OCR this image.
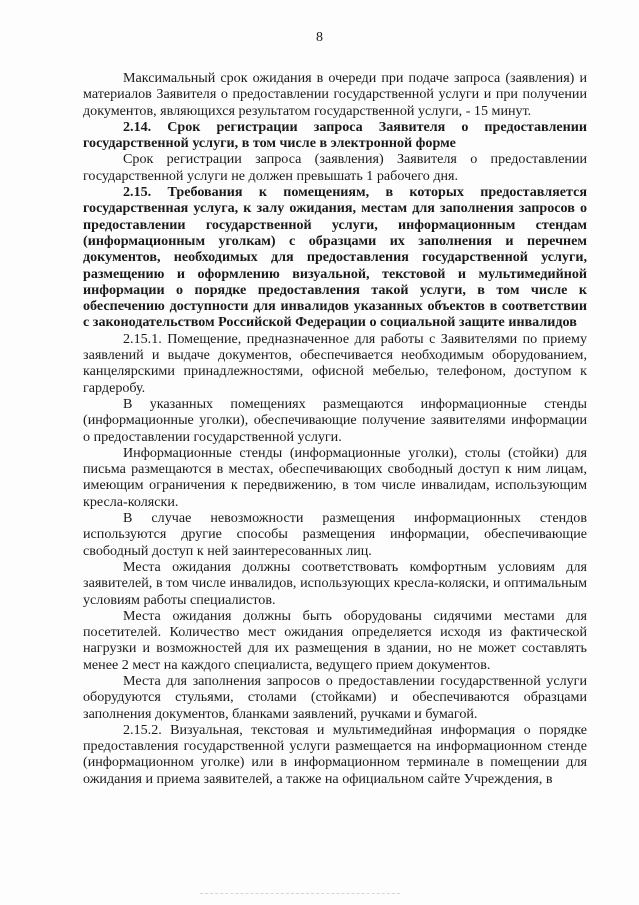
8

Максимальный срок ожидания в очереди при подаче запроса (заявления) и материалов Заявителя о предоставлении государственной услуги и при получении документов, являющихся результатом государственной услуги, - 15 минут.

2.14. Срок регистрации запроса Заявителя о предоставлении государственной услуги, в том числе в электронной форме

Срок регистрации запроса (заявления) Заявителя о предоставлении государственной услуги не должен превышать 1 рабочего дня.

2.15. Требования к помещениям, в которых предоставляется государственная услуга, к залу ожидания, местам для заполнения запросов о предоставлении государственной услуги, информационным стендам (информационным уголкам) с образцами их заполнения и перечнем документов, необходимых для предоставления государственной услуги, размещению и оформлению визуальной, текстовой и мультимедийной информации о порядке предоставления такой услуги, в том числе к обеспечению доступности для инвалидов указанных объектов в соответствии с законодательством Российской Федерации о социальной защите инвалидов

2.15.1. Помещение, предназначенное для работы с Заявителями по приему заявлений и выдаче документов, обеспечивается необходимым оборудованием, канцелярскими принадлежностями, офисной мебелью, телефоном, доступом к гардеробу.

В указанных помещениях размещаются информационные стенды (информационные уголки), обеспечивающие получение заявителями информации о предоставлении государственной услуги.

Информационные стенды (информационные уголки), столы (стойки) для письма размещаются в местах, обеспечивающих свободный доступ к ним лицам, имеющим ограничения к передвижению, в том числе инвалидам, использующим кресла-коляски.

В случае невозможности размещения информационных стендов используются другие способы размещения информации, обеспечивающие свободный доступ к ней заинтересованных лиц.

Места ожидания должны соответствовать комфортным условиям для заявителей, в том числе инвалидов, использующих кресла-коляски, и оптимальным условиям работы специалистов.

Места ожидания должны быть оборудованы сидячими местами для посетителей. Количество мест ожидания определяется исходя из фактической нагрузки и возможностей для их размещения в здании, но не может составлять менее 2 мест на каждого специалиста, ведущего прием документов.

Места для заполнения запросов о предоставлении государственной услуги оборудуются стульями, столами (стойками) и обеспечиваются образцами заполнения документов, бланками заявлений, ручками и бумагой.

2.15.2. Визуальная, текстовая и мультимедийная информация о порядке предоставления государственной услуги размещается на информационном стенде (информационном уголке) или в информационном терминале в помещении для ожидания и приема заявителей, а также на официальном сайте Учреждения, в
